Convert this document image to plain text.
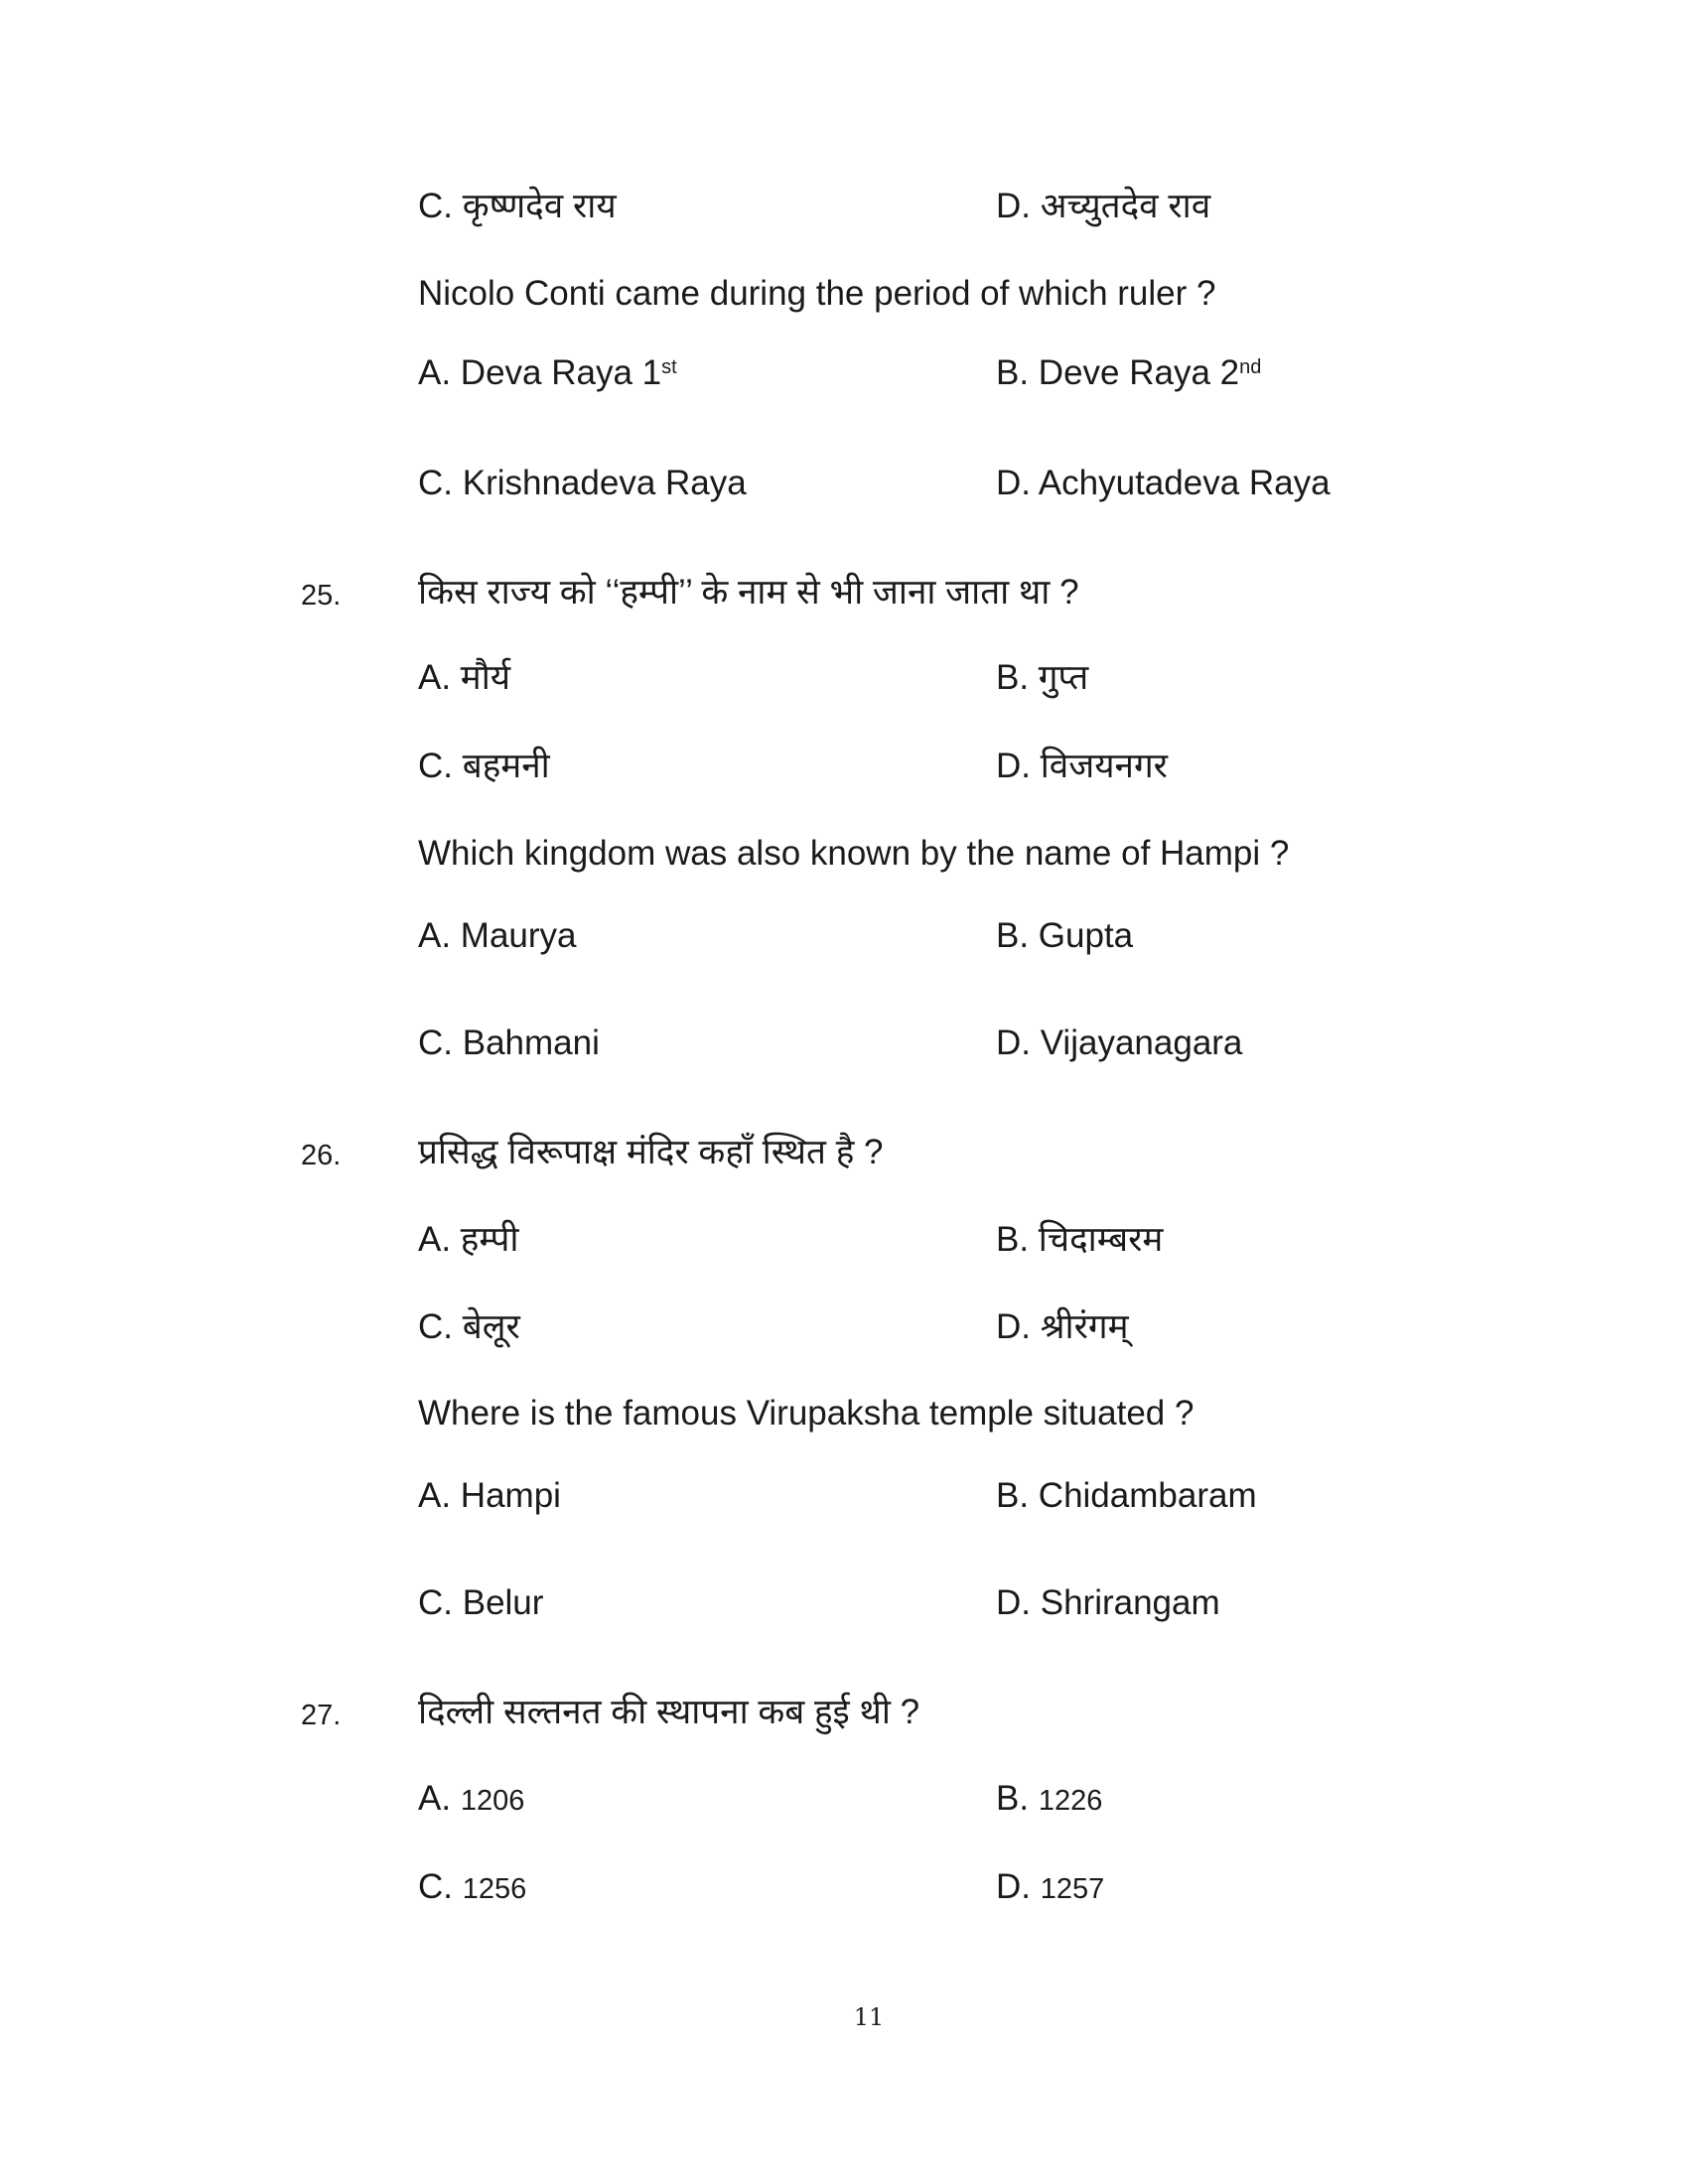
C. कृष्णदेव राय	D. अच्युतदेव राव
Nicolo Conti came during the period of which ruler ?
A. Deva Raya 1st	B. Deve Raya 2nd
C. Krishnadeva Raya	D. Achyutadeva Raya
25. किस राज्य को ‘‘हम्पी’’ के नाम से भी जाना जाता था ?
A. मौर्य	B. गुप्त
C. बहमनी	D. विजयनगर
Which kingdom was also known by the name of Hampi ?
A. Maurya	B. Gupta
C. Bahmani	D. Vijayanagara
26. प्रसिद्ध विरूपाक्ष मंदिर कहाँ स्थित है ?
A. हम्पी	B. चिदाम्बरम
C. बेलूर	D. श्रीरंगम्
Where is the famous Virupaksha temple situated ?
A. Hampi	B. Chidambaram
C. Belur	D. Shrirangam
27. दिल्ली सल्तनत की स्थापना कब हुई थी ?
A. 1206	B. 1226
C. 1256	D. 1257
11
